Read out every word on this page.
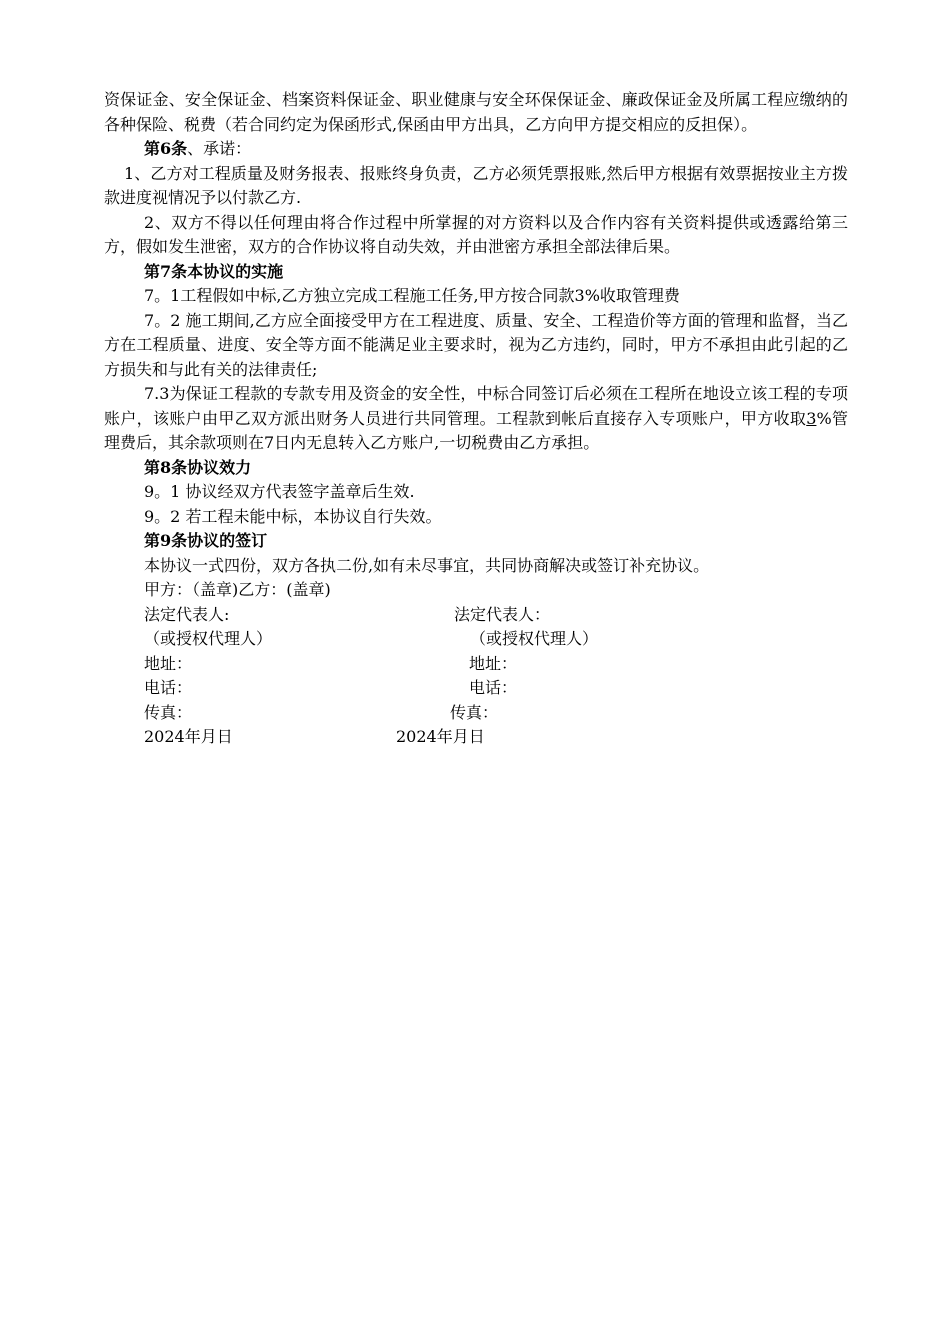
资保证金、安全保证金、档案资料保证金、职业健康与安全环保保证金、廉政保证金及所属工程应缴纳的各种保险、税费（若合同约定为保函形式,保函由甲方出具，乙方向甲方提交相应的反担保）。

第6条、承诺：

1、乙方对工程质量及财务报表、报账终身负责，乙方必须凭票报账,然后甲方根据有效票据按业主方拨款进度视情况予以付款乙方.

2、双方不得以任何理由将合作过程中所掌握的对方资料以及合作内容有关资料提供或透露给第三方，假如发生泄密，双方的合作协议将自动失效，并由泄密方承担全部法律后果。

第7条本协议的实施

7。1工程假如中标,乙方独立完成工程施工任务,甲方按合同款3%收取管理费

7。2 施工期间,乙方应全面接受甲方在工程进度、质量、安全、工程造价等方面的管理和监督，当乙方在工程质量、进度、安全等方面不能满足业主要求时，视为乙方违约，同时，甲方不承担由此引起的乙方损失和与此有关的法律责任;

7.3为保证工程款的专款专用及资金的安全性，中标合同签订后必须在工程所在地设立该工程的专项账户，该账户由甲乙双方派出财务人员进行共同管理。工程款到帐后直接存入专项账户，甲方收取3%管理费后，其余款项则在7日内无息转入乙方账户,一切税费由乙方承担。

第8条协议效力

9。1 协议经双方代表签字盖章后生效.

9。2 若工程未能中标，本协议自行失效。

第9条协议的签订

本协议一式四份，双方各执二份,如有未尽事宜，共同协商解决或签订补充协议。

甲方：（盖章)乙方：(盖章)
法定代表人:	法定代表人：
（或授权代理人）	（或授权代理人）
地址：	地址：
电话：	电话：
传真：	传真：
2024年月日	2024年月日
